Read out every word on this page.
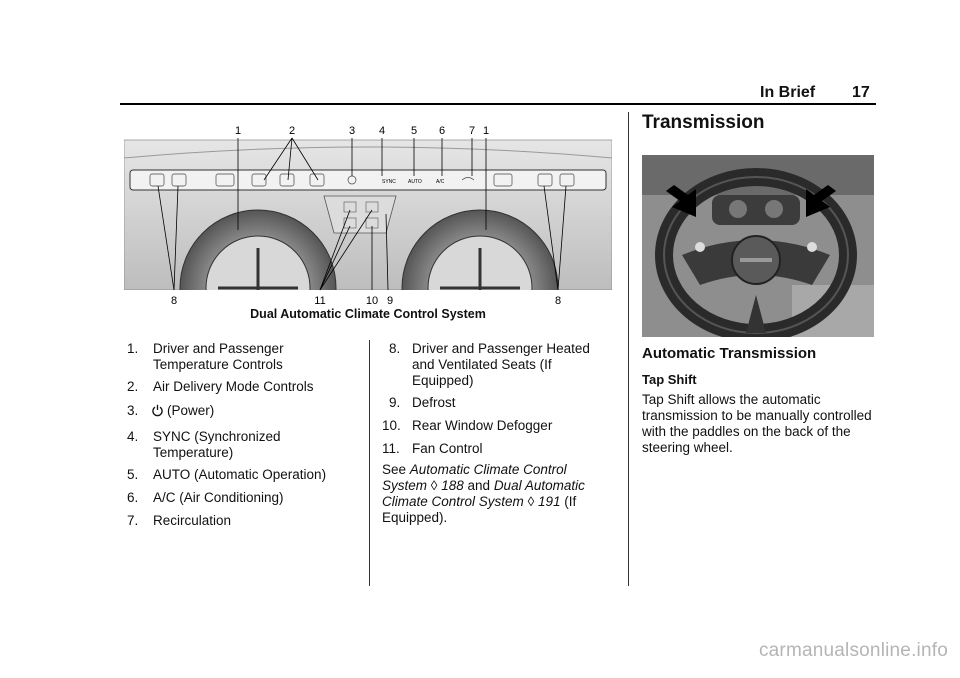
In Brief 17
SYNC AUTO	A/C
1	2	3 4 5 6 7 1
8	11	10 9	8
Dual Automatic Climate Control System
1. Driver and Passenger
Temperature Controls
2. Air Delivery Mode Controls
3. (Power)
4. SYNC (Synchronized
Temperature)
5. AUTO (Automatic Operation)
6. A/C (Air Conditioning)
7. Recirculation
8. Driver and Passenger Heated
and Ventilated Seats (If
Equipped)
9. Defrost
10. Rear Window Defogger
11. Fan Control
See Automatic Climate Control
System ◊ 188 and Dual Automatic
Climate Control System ◊ 191 (If
Equipped).
Transmission
Automatic Transmission
Tap Shift
Tap Shift allows the automatic transmission to be manually controlled with the paddles on the back of the steering wheel.
carmanualsonline.info
